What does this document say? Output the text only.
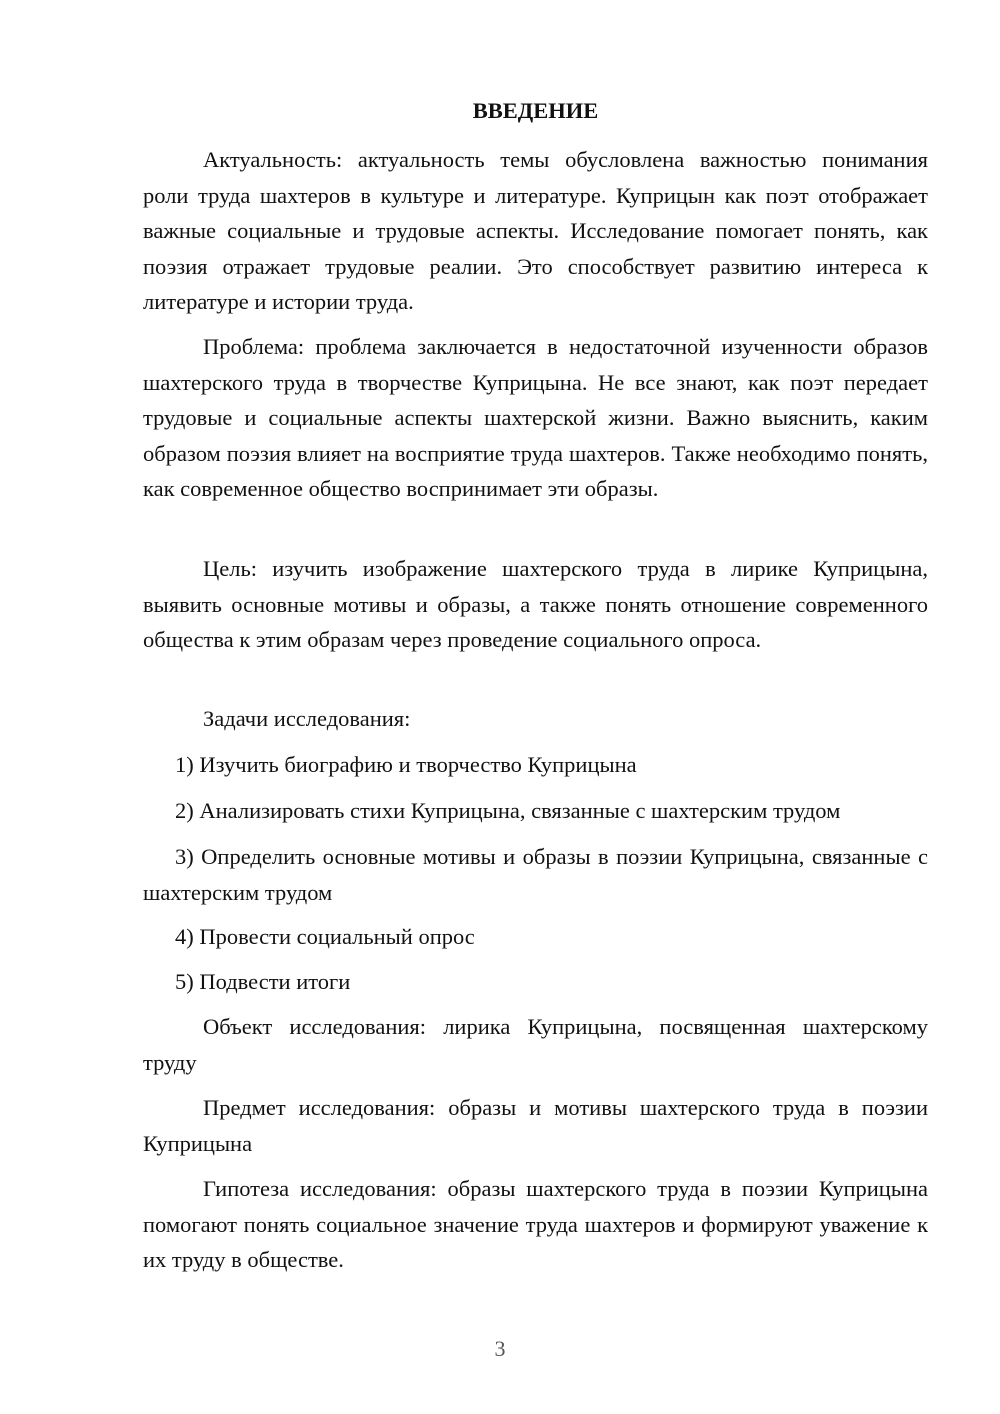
ВВЕДЕНИЕ

Актуальность: актуальность темы обусловлена важностью понимания роли труда шахтеров в культуре и литературе. Куприцын как поэт отображает важные социальные и трудовые аспекты. Исследование помогает понять, как поэзия отражает трудовые реалии. Это способствует развитию интереса к литературе и истории труда.

Проблема: проблема заключается в недостаточной изученности образов шахтерского труда в творчестве Куприцына. Не все знают, как поэт передает трудовые и социальные аспекты шахтерской жизни. Важно выяснить, каким образом поэзия влияет на восприятие труда шахтеров. Также необходимо понять, как современное общество воспринимает эти образы.

Цель: изучить изображение шахтерского труда в лирике Куприцына, выявить основные мотивы и образы, а также понять отношение современного общества к этим образам через проведение социального опроса.

Задачи исследования:

1) Изучить биографию и творчество Куприцына

2) Анализировать стихи Куприцына, связанные с шахтерским трудом

3) Определить основные мотивы и образы в поэзии Куприцына, связанные с шахтерским трудом

4) Провести социальный опрос

5) Подвести итоги

Объект исследования: лирика Куприцына, посвященная шахтерскому труду

Предмет исследования: образы и мотивы шахтерского труда в поэзии Куприцына

Гипотеза исследования: образы шахтерского труда в поэзии Куприцына помогают понять социальное значение труда шахтеров и формируют уважение к их труду в обществе.

3
